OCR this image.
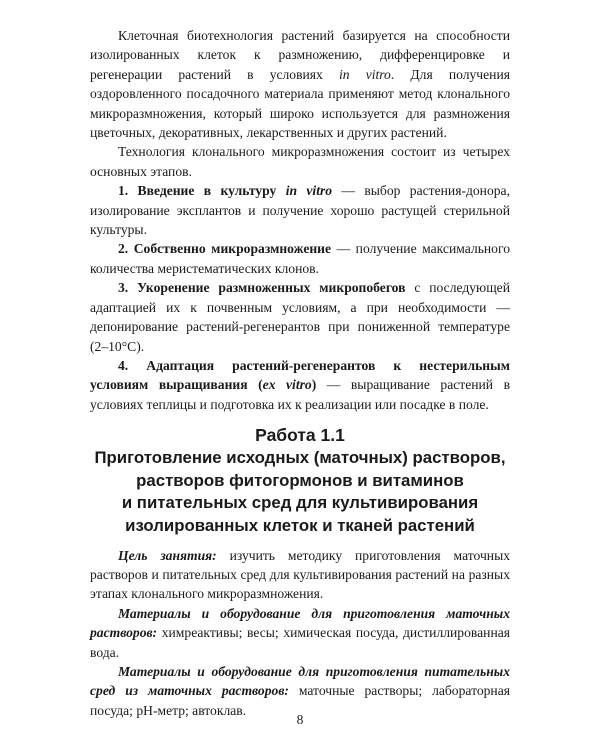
Клеточная биотехнология растений базируется на способности изолированных клеток к размножению, дифференцировке и регенерации растений в условиях in vitro. Для получения оздоровленного посадочного материала применяют метод клонального микроразмножения, который широко используется для размножения цветочных, декоративных, лекарственных и других растений.

Технология клонального микроразмножения состоит из четырех основных этапов.

1. Введение в культуру in vitro — выбор растения-донора, изолирование эксплантов и получение хорошо растущей стерильной культуры.

2. Собственно микроразмножение — получение максимального количества меристематических клонов.

3. Укоренение размноженных микропобегов с последующей адаптацией их к почвенным условиям, а при необходимости — депонирование растений-регенерантов при пониженной температуре (2–10°C).

4. Адаптация растений-регенерантов к нестерильным условиям выращивания (ex vitro) — выращивание растений в условиях теплицы и подготовка их к реализации или посадке в поле.

Работа 1.1
Приготовление исходных (маточных) растворов,
растворов фитогормонов и витаминов
и питательных сред для культивирования
изолированных клеток и тканей растений

Цель занятия: изучить методику приготовления маточных растворов и питательных сред для культивирования растений на разных этапах клонального микроразмножения.

Материалы и оборудование для приготовления маточных растворов: химреактивы; весы; химическая посуда, дистиллированная вода.

Материалы и оборудование для приготовления питательных сред из маточных растворов: маточные растворы; лабораторная посуда; pH-метр; автоклав.

8
